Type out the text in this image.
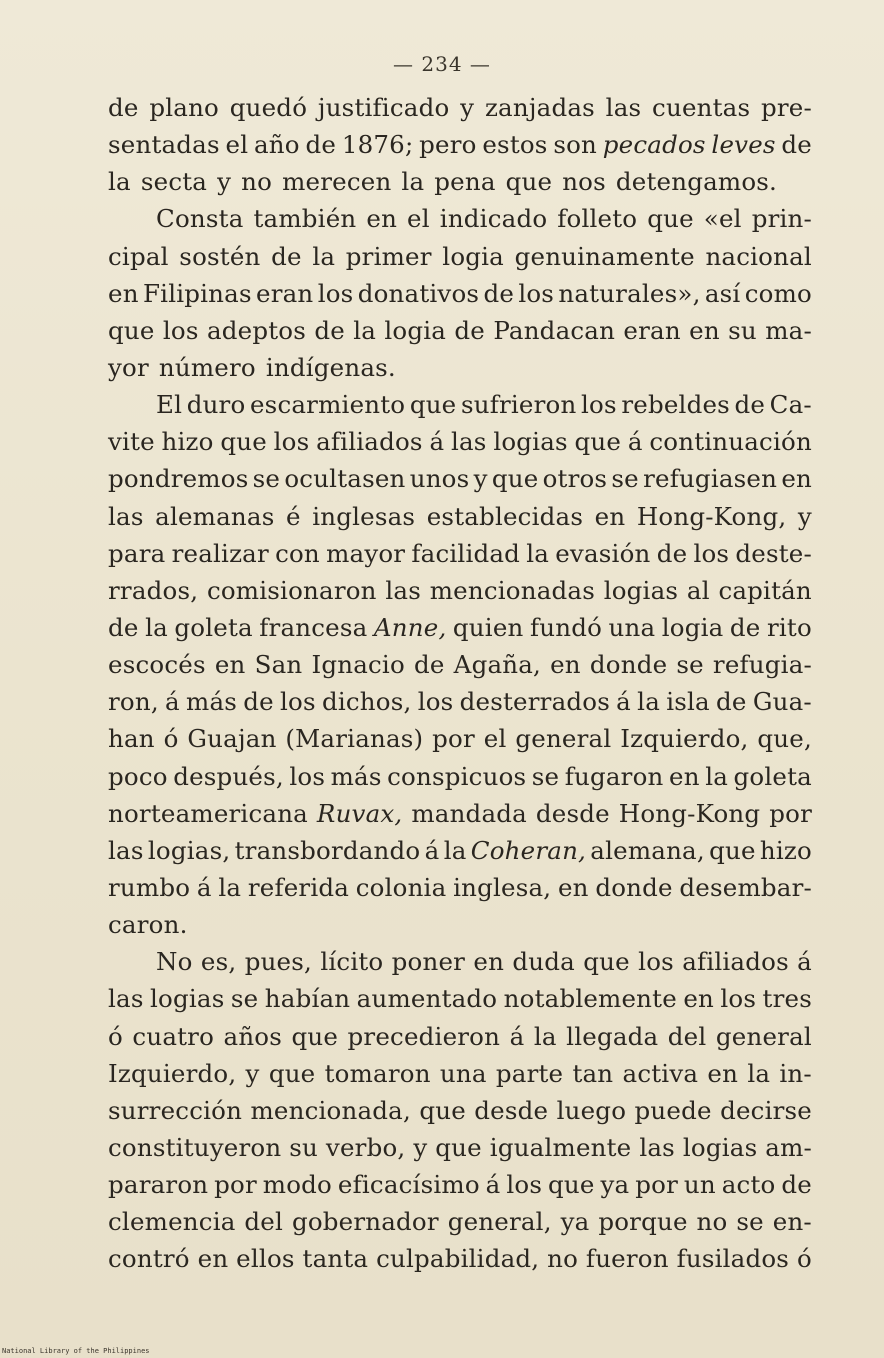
— 234 —
de plano quedó justificado y zanjadas las cuentas pre-
sentadas el año de 1876; pero estos son pecados leves de
la secta y no merecen la pena que nos detengamos.
Consta también en el indicado folleto que «el prin-
cipal sostén de la primer logia genuinamente nacional
en Filipinas eran los donativos de los naturales», así como
que los adeptos de la logia de Pandacan eran en su ma-
yor número indígenas.
El duro escarmiento que sufrieron los rebeldes de Ca-
vite hizo que los afiliados á las logias que á continuación
pondremos se ocultasen unos y que otros se refugiasen en
las alemanas é inglesas establecidas en Hong-Kong, y
para realizar con mayor facilidad la evasión de los deste-
rrados, comisionaron las mencionadas logias al capitán
de la goleta francesa Anne, quien fundó una logia de rito
escocés en San Ignacio de Agaña, en donde se refugia-
ron, á más de los dichos, los desterrados á la isla de Gua-
han ó Guajan (Marianas) por el general Izquierdo, que,
poco después, los más conspicuos se fugaron en la goleta
norteamericana Ruvax, mandada desde Hong-Kong por
las logias, transbordando á la Coheran, alemana, que hizo
rumbo á la referida colonia inglesa, en donde desembar-
caron.
No es, pues, lícito poner en duda que los afiliados á
las logias se habían aumentado notablemente en los tres
ó cuatro años que precedieron á la llegada del general
Izquierdo, y que tomaron una parte tan activa en la in-
surrección mencionada, que desde luego puede decirse
constituyeron su verbo, y que igualmente las logias am-
pararon por modo eficacísimo á los que ya por un acto de
clemencia del gobernador general, ya porque no se en-
contró en ellos tanta culpabilidad, no fueron fusilados ó
National Library of the Philippines
